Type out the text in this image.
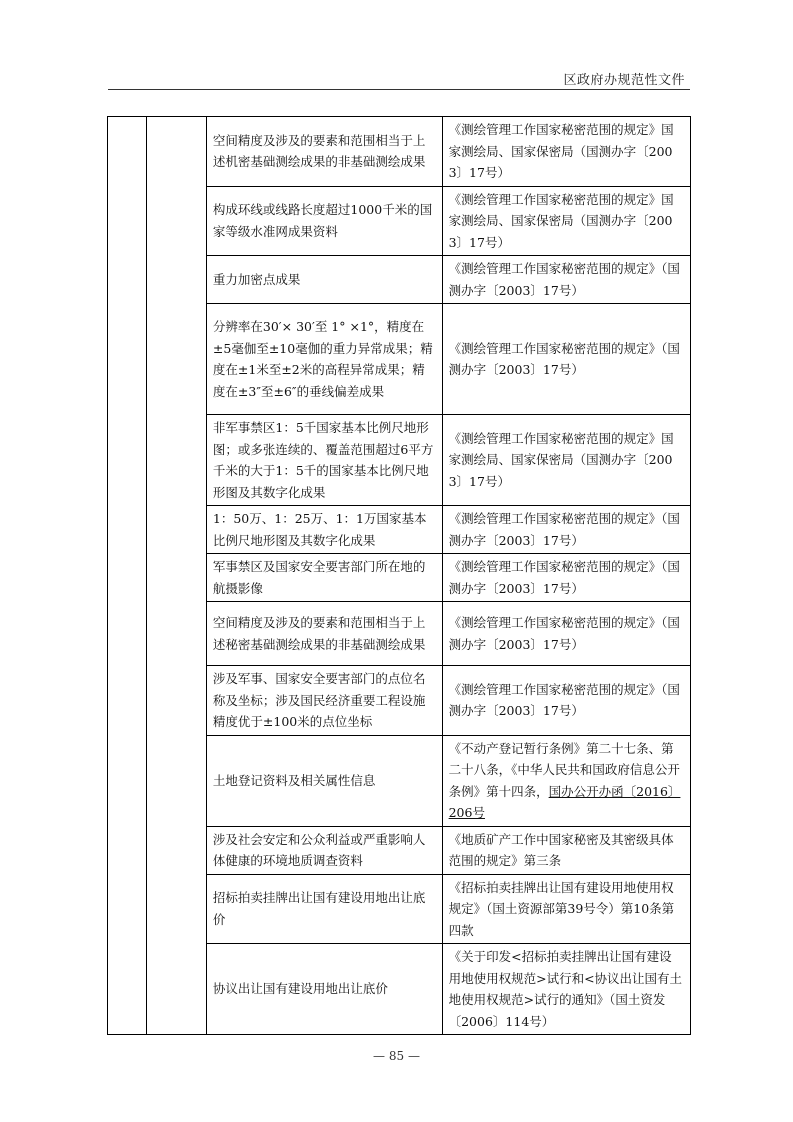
区政府办规范性文件
		空间精度及涉及的要素和范围相当于上述机密基础测绘成果的非基础测绘成果	《测绘管理工作国家秘密范围的规定》国家测绘局、国家保密局（国测办字〔2003〕17号）
		构成环线或线路长度超过1000千米的国家等级水准网成果资料	《测绘管理工作国家秘密范围的规定》国家测绘局、国家保密局（国测办字〔2003〕17号）
		重力加密点成果	《测绘管理工作国家秘密范围的规定》（国测办字〔2003〕17号）
		分辨率在30′× 30′至 1° ×1°，精度在±5毫伽至±10毫伽的重力异常成果；精度在±1米至±2米的高程异常成果；精度在±3″至±6″的垂线偏差成果	《测绘管理工作国家秘密范围的规定》（国测办字〔2003〕17号）
		非军事禁区1：5千国家基本比例尺地形图；或多张连续的、覆盖范围超过6平方千米的大于1：5千的国家基本比例尺地形图及其数字化成果	《测绘管理工作国家秘密范围的规定》国家测绘局、国家保密局（国测办字〔2003〕17号）
		1：50万、1：25万、1：1万国家基本比例尺地形图及其数字化成果	《测绘管理工作国家秘密范围的规定》（国测办字〔2003〕17号）
		军事禁区及国家安全要害部门所在地的航摄影像	《测绘管理工作国家秘密范围的规定》（国测办字〔2003〕17号）
		空间精度及涉及的要素和范围相当于上述秘密基础测绘成果的非基础测绘成果	《测绘管理工作国家秘密范围的规定》（国测办字〔2003〕17号）
		涉及军事、国家安全要害部门的点位名称及坐标；涉及国民经济重要工程设施精度优于±100米的点位坐标	《测绘管理工作国家秘密范围的规定》（国测办字〔2003〕17号）
		土地登记资料及相关属性信息	《不动产登记暂行条例》第二十七条、第二十八条，《中华人民共和国政府信息公开条例》第十四条，国办公开办函〔2016〕206号
		涉及社会安定和公众利益或严重影响人体健康的环境地质调查资料	《地质矿产工作中国家秘密及其密级具体范围的规定》第三条
		招标拍卖挂牌出让国有建设用地出让底价	《招标拍卖挂牌出让国有建设用地使用权规定》（国土资源部第39号令）第10条第四款
		协议出让国有建设用地出让底价	《关于印发<招标拍卖挂牌出让国有建设用地使用权规范>试行和<协议出让国有土地使用权规范>试行的通知》（国土资发〔2006〕114号）
— 85 —
